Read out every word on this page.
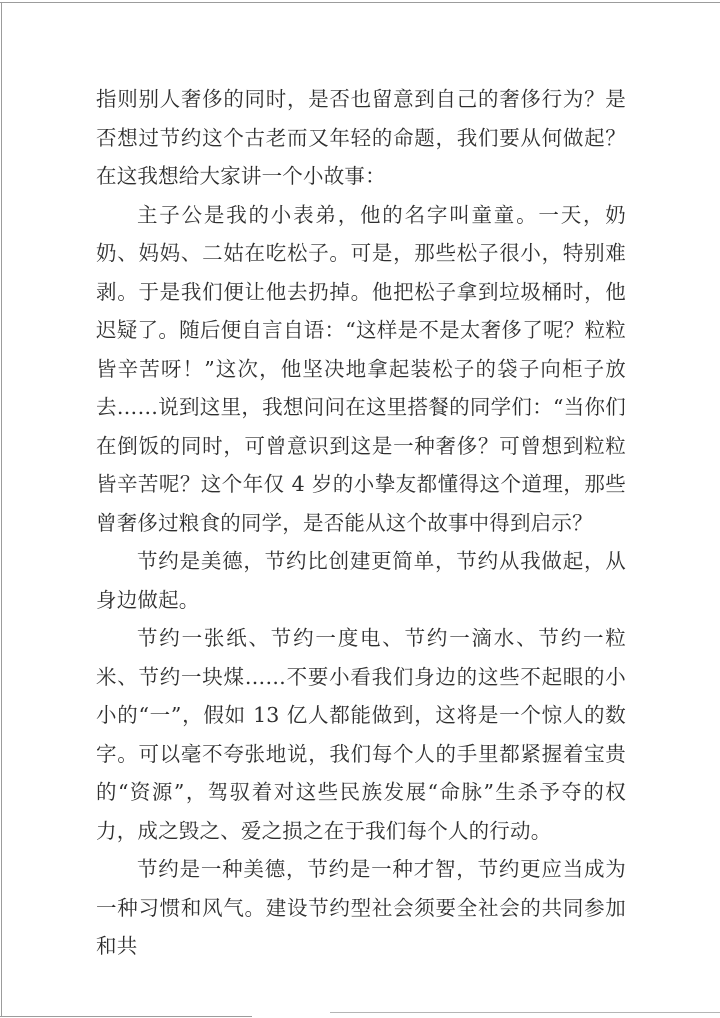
指则别人奢侈的同时，是否也留意到自己的奢侈行为？是否想过节约这个古老而又年轻的命题，我们要从何做起？在这我想给大家讲一个小故事：

主子公是我的小表弟，他的名字叫童童。一天，奶奶、妈妈、二姑在吃松子。可是，那些松子很小，特别难剥。于是我们便让他去扔掉。他把松子拿到垃圾桶时，他迟疑了。随后便自言自语：“这样是不是太奢侈了呢？粒粒皆辛苦呀！”这次，他坚决地拿起装松子的袋子向柜子放去……说到这里，我想问问在这里搭餐的同学们：“当你们在倒饭的同时，可曾意识到这是一种奢侈？可曾想到粒粒皆辛苦呢？这个年仅 4 岁的小挚友都懂得这个道理，那些曾奢侈过粮食的同学，是否能从这个故事中得到启示？

节约是美德，节约比创建更简单，节约从我做起，从身边做起。

节约一张纸、节约一度电、节约一滴水、节约一粒米、节约一块煤……不要小看我们身边的这些不起眼的小小的“一”，假如 13 亿人都能做到，这将是一个惊人的数字。可以毫不夸张地说，我们每个人的手里都紧握着宝贵的“资源”，驾驭着对这些民族发展“命脉”生杀予夺的权力，成之毁之、爱之损之在于我们每个人的行动。

节约是一种美德，节约是一种才智，节约更应当成为一种习惯和风气。建设节约型社会须要全社会的共同参加和共
